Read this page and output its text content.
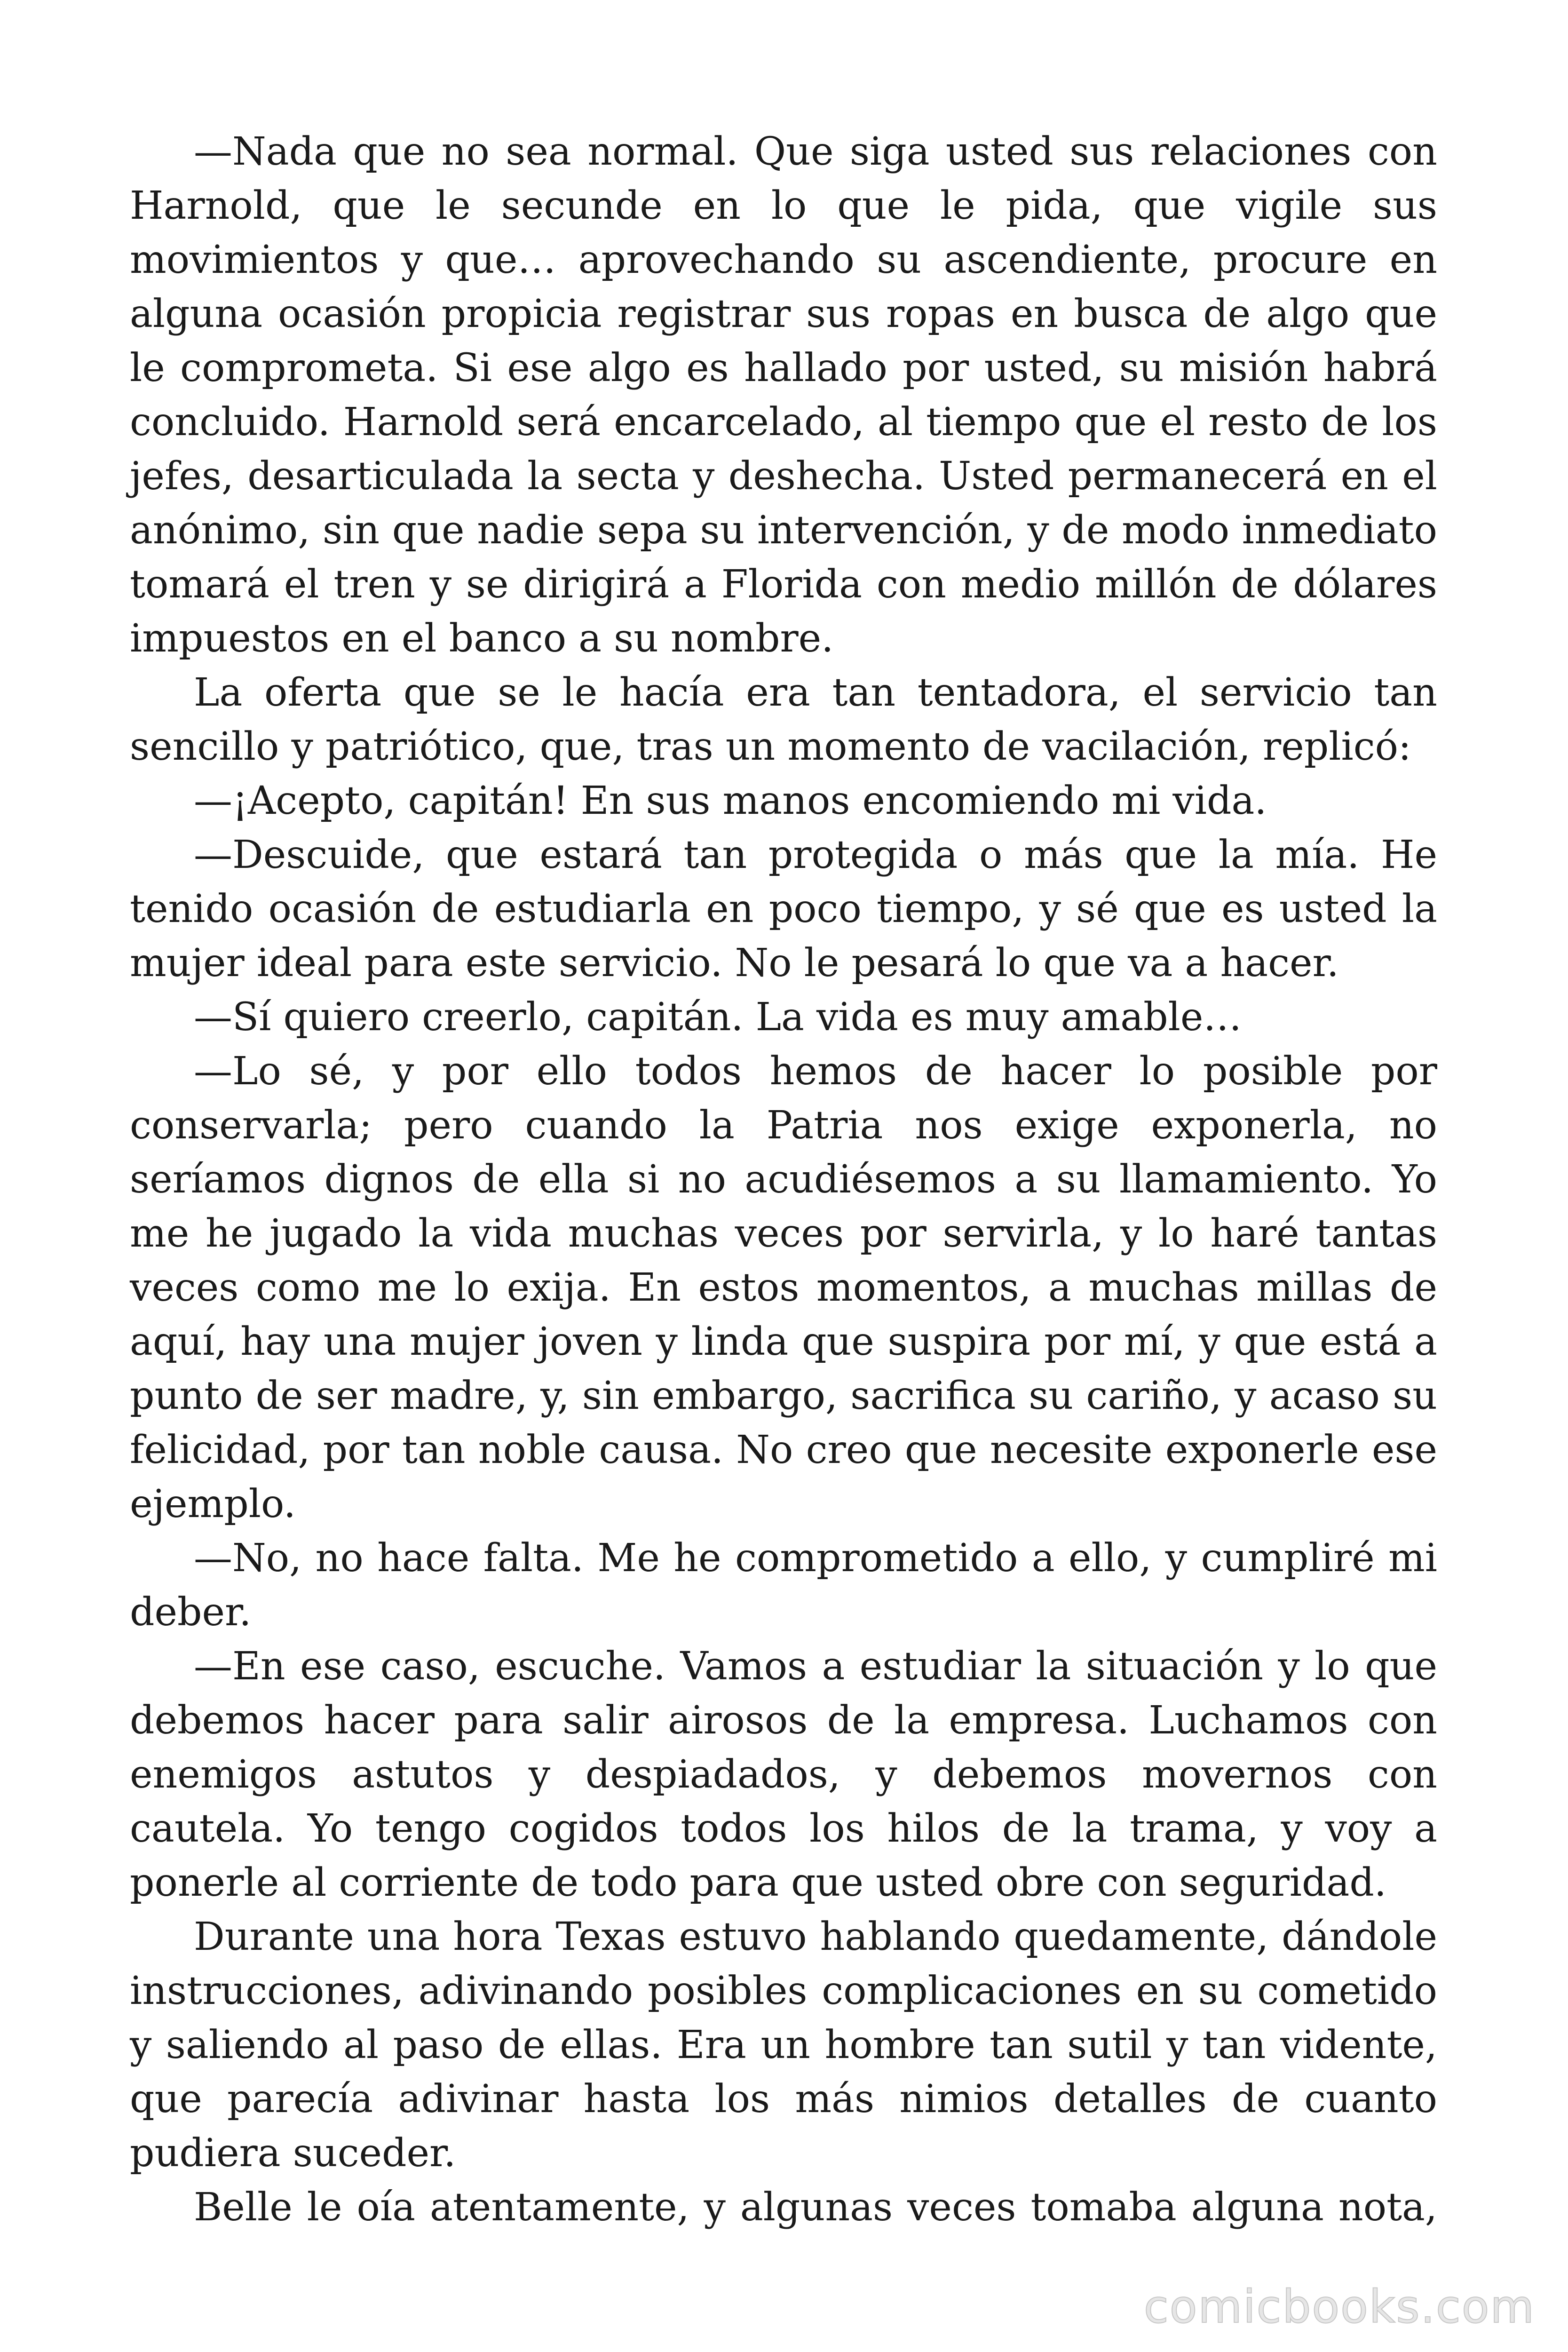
—Nada que no sea normal. Que siga usted sus relaciones con Harnold, que le secunde en lo que le pida, que vigile sus movimientos y que… aprovechando su ascendiente, procure en alguna ocasión propicia registrar sus ropas en busca de algo que le comprometa. Si ese algo es hallado por usted, su misión habrá concluido. Harnold será encarcelado, al tiempo que el resto de los jefes, desarticulada la secta y deshecha. Usted permanecerá en el anónimo, sin que nadie sepa su intervención, y de modo inmediato tomará el tren y se dirigirá a Florida con medio millón de dólares impuestos en el banco a su nombre.

La oferta que se le hacía era tan tentadora, el servicio tan sencillo y patriótico, que, tras un momento de vacilación, replicó:

—¡Acepto, capitán! En sus manos encomiendo mi vida.

—Descuide, que estará tan protegida o más que la mía. He tenido ocasión de estudiarla en poco tiempo, y sé que es usted la mujer ideal para este servicio. No le pesará lo que va a hacer.

—Sí quiero creerlo, capitán. La vida es muy amable…

—Lo sé, y por ello todos hemos de hacer lo posible por conservarla; pero cuando la Patria nos exige exponerla, no seríamos dignos de ella si no acudiésemos a su llamamiento. Yo me he jugado la vida muchas veces por servirla, y lo haré tantas veces como me lo exija. En estos momentos, a muchas millas de aquí, hay una mujer joven y linda que suspira por mí, y que está a punto de ser madre, y, sin embargo, sacrifica su cariño, y acaso su felicidad, por tan noble causa. No creo que necesite exponerle ese ejemplo.

—No, no hace falta. Me he comprometido a ello, y cumpliré mi deber.

—En ese caso, escuche. Vamos a estudiar la situación y lo que debemos hacer para salir airosos de la empresa. Luchamos con enemigos astutos y despiadados, y debemos movernos con cautela. Yo tengo cogidos todos los hilos de la trama, y voy a ponerle al corriente de todo para que usted obre con seguridad.

Durante una hora Texas estuvo hablando quedamente, dándole instrucciones, adivinando posibles complicaciones en su cometido y saliendo al paso de ellas. Era un hombre tan sutil y tan vidente, que parecía adivinar hasta los más nimios detalles de cuanto pudiera suceder.

Belle le oía atentamente, y algunas veces tomaba alguna nota,

comicbooks.com
